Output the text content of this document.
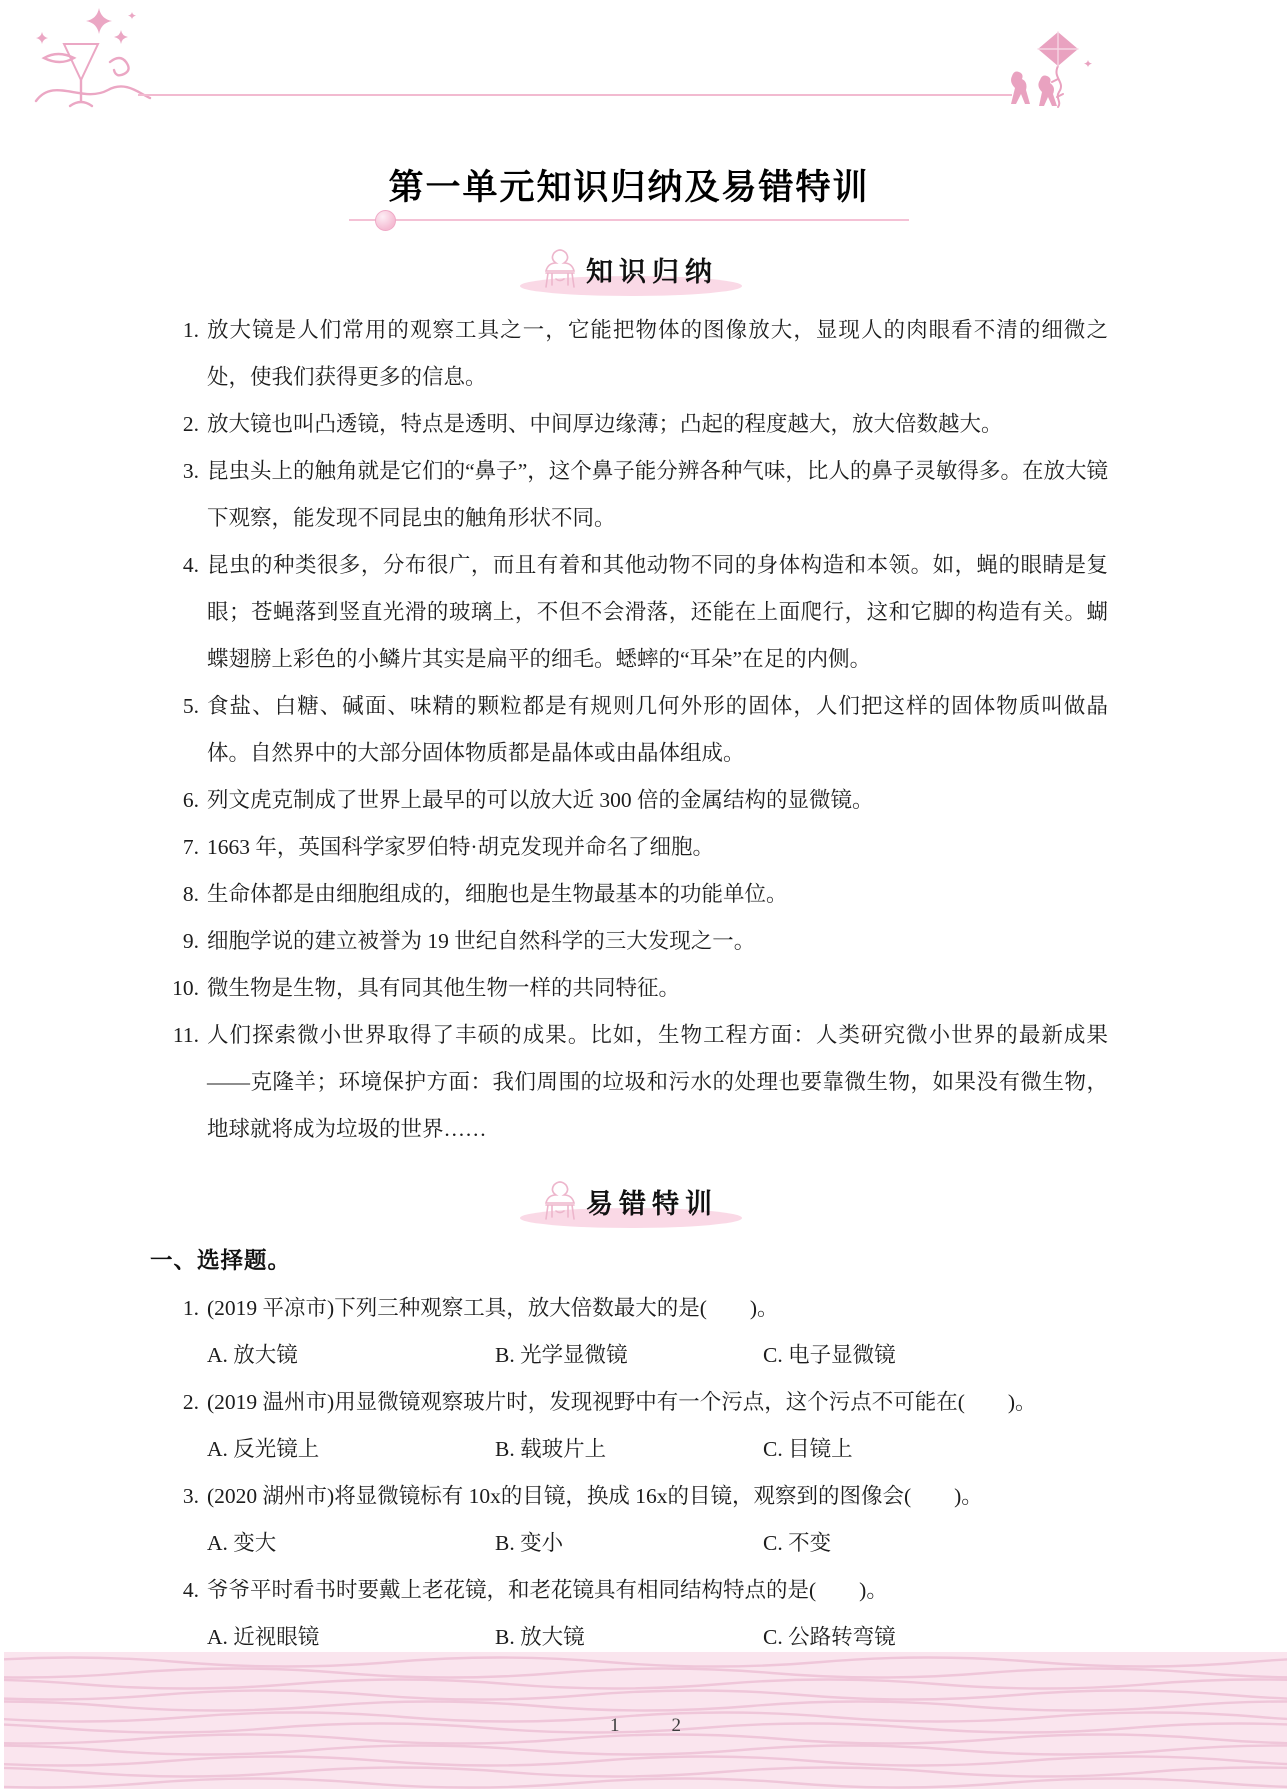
第一单元知识归纳及易错特训
知识归纳
1. 放大镜是人们常用的观察工具之一，它能把物体的图像放大，显现人的肉眼看不清的细微之处，使我们获得更多的信息。
2. 放大镜也叫凸透镜，特点是透明、中间厚边缘薄；凸起的程度越大，放大倍数越大。
3. 昆虫头上的触角就是它们的“鼻子”，这个鼻子能分辨各种气味，比人的鼻子灵敏得多。在放大镜下观察，能发现不同昆虫的触角形状不同。
4. 昆虫的种类很多，分布很广，而且有着和其他动物不同的身体构造和本领。如，蝇的眼睛是复眼；苍蝇落到竖直光滑的玻璃上，不但不会滑落，还能在上面爬行，这和它脚的构造有关。蝴蝶翅膀上彩色的小鳞片其实是扁平的细毛。蟋蟀的“耳朵”在足的内侧。
5. 食盐、白糖、碱面、味精的颗粒都是有规则几何外形的固体，人们把这样的固体物质叫做晶体。自然界中的大部分固体物质都是晶体或由晶体组成。
6. 列文虎克制成了世界上最早的可以放大近 300 倍的金属结构的显微镜。
7. 1663 年，英国科学家罗伯特·胡克发现并命名了细胞。
8. 生命体都是由细胞组成的，细胞也是生物最基本的功能单位。
9. 细胞学说的建立被誉为 19 世纪自然科学的三大发现之一。
10. 微生物是生物，具有同其他生物一样的共同特征。
11. 人们探索微小世界取得了丰硕的成果。比如，生物工程方面：人类研究微小世界的最新成果——克隆羊；环境保护方面：我们周围的垃圾和污水的处理也要靠微生物，如果没有微生物，地球就将成为垃圾的世界……
易错特训

一、选择题。

1. (2019 平凉市)下列三种观察工具，放大倍数最大的是(　　)。
A. 放大镜	B. 光学显微镜	C. 电子显微镜
2. (2019 温州市)用显微镜观察玻片时，发现视野中有一个污点，这个污点不可能在(　　)。
A. 反光镜上	B. 载玻片上	C. 目镜上
3. (2020 湖州市)将显微镜标有 10x的目镜，换成 16x的目镜，观察到的图像会(　　)。
A. 变大	B. 变小	C. 不变
4. 爷爷平时看书时要戴上老花镜，和老花镜具有相同结构特点的是(　　)。
A. 近视眼镜	B. 放大镜	C. 公路转弯镜
1	2
